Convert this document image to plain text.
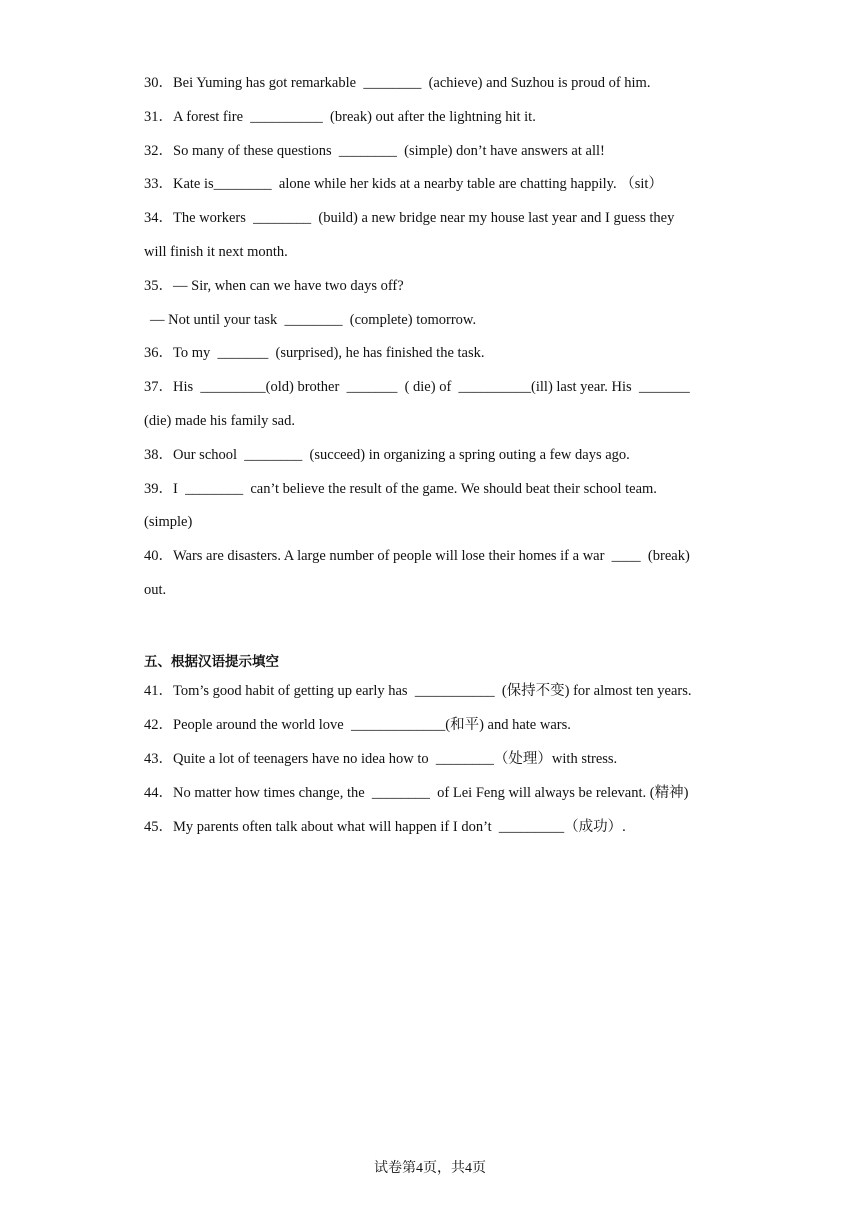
30．Bei Yuming has got remarkable  ________  (achieve) and Suzhou is proud of him.
31．A forest fire  __________  (break) out after the lightning hit it.
32．So many of these questions  ________  (simple) don’t have answers at all!
33．Kate is________  alone while her kids at a nearby table are chatting happily. （sit）
34．The workers  ________  (build) a new bridge near my house last year and I guess they
will finish it next month.
35．— Sir, when can we have two days off?
— Not until your task  ________  (complete) tomorrow.
36．To my  _______  (surprised), he has finished the task.
37．His  _________(old) brother  _______  ( die) of  __________(ill) last year. His  _______
(die) made his family sad.
38．Our school  ________  (succeed) in organizing a spring outing a few days ago.
39．I  ________  can’t believe the result of the game. We should beat their school team.
(simple)
40．Wars are disasters. A large number of people will lose their homes if a war  ____  (break)
out.
五、根据汉语提示填空
41．Tom’s good habit of getting up early has  ___________  (保持不变) for almost ten years.
42．People around the world love  _____________(和平) and hate wars.
43．Quite a lot of teenagers have no idea how to  ________（处理）with stress.
44．No matter how times change, the  ________  of Lei Feng will always be relevant. (精神)
45．My parents often talk about what will happen if I don’t  _________（成功）.
试卷第4页，共4页
